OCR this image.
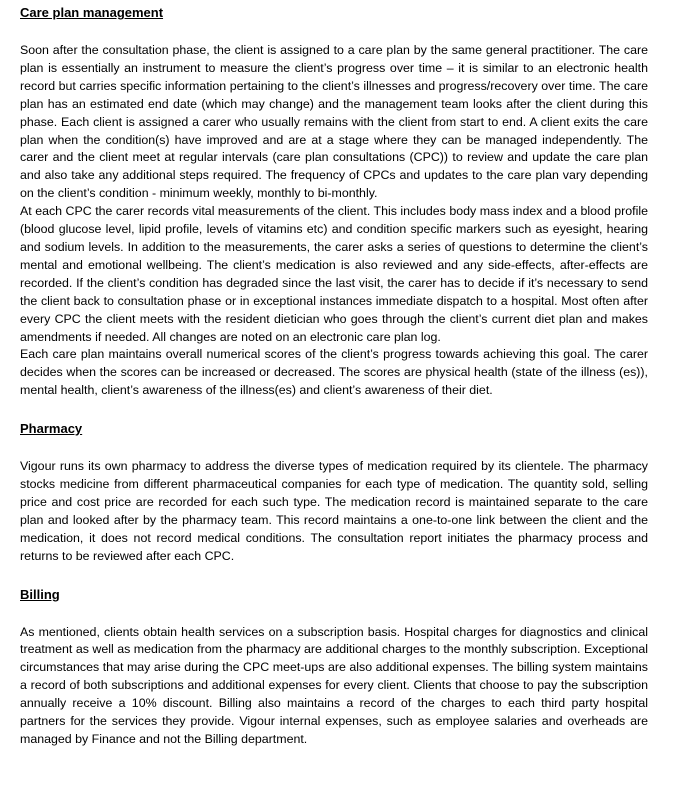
Care plan management

Soon after the consultation phase, the client is assigned to a care plan by the same general practitioner. The care plan is essentially an instrument to measure the client’s progress over time – it is similar to an electronic health record but carries specific information pertaining to the client’s illnesses and progress/recovery over time. The care plan has an estimated end date (which may change) and the management team looks after the client during this phase. Each client is assigned a carer who usually remains with the client from start to end. A client exits the care plan when the condition(s) have improved and are at a stage where they can be managed independently. The carer and the client meet at regular intervals (care plan consultations (CPC)) to review and update the care plan and also take any additional steps required. The frequency of CPCs and updates to the care plan vary depending on the client’s condition - minimum weekly, monthly to bi-monthly.

At each CPC the carer records vital measurements of the client. This includes body mass index and a blood profile (blood glucose level, lipid profile, levels of vitamins etc) and condition specific markers such as eyesight, hearing and sodium levels. In addition to the measurements, the carer asks a series of questions to determine the client’s mental and emotional wellbeing. The client’s medication is also reviewed and any side-effects, after-effects are recorded. If the client’s condition has degraded since the last visit, the carer has to decide if it’s necessary to send the client back to consultation phase or in exceptional instances immediate dispatch to a hospital. Most often after every CPC the client meets with the resident dietician who goes through the client’s current diet plan and makes amendments if needed. All changes are noted on an electronic care plan log.

Each care plan maintains overall numerical scores of the client’s progress towards achieving this goal. The carer decides when the scores can be increased or decreased. The scores are physical health (state of the illness (es)), mental health, client’s awareness of the illness(es) and client’s awareness of their diet.

Pharmacy

Vigour runs its own pharmacy to address the diverse types of medication required by its clientele. The pharmacy stocks medicine from different pharmaceutical companies for each type of medication. The quantity sold, selling price and cost price are recorded for each such type. The medication record is maintained separate to the care plan and looked after by the pharmacy team. This record maintains a one-to-one link between the client and the medication, it does not record medical conditions. The consultation report initiates the pharmacy process and returns to be reviewed after each CPC.

Billing

As mentioned, clients obtain health services on a subscription basis. Hospital charges for diagnostics and clinical treatment as well as medication from the pharmacy are additional charges to the monthly subscription. Exceptional circumstances that may arise during the CPC meet-ups are also additional expenses. The billing system maintains a record of both subscriptions and additional expenses for every client. Clients that choose to pay the subscription annually receive a 10% discount. Billing also maintains a record of the charges to each third party hospital partners for the services they provide. Vigour internal expenses, such as employee salaries and overheads are managed by Finance and not the Billing department.
